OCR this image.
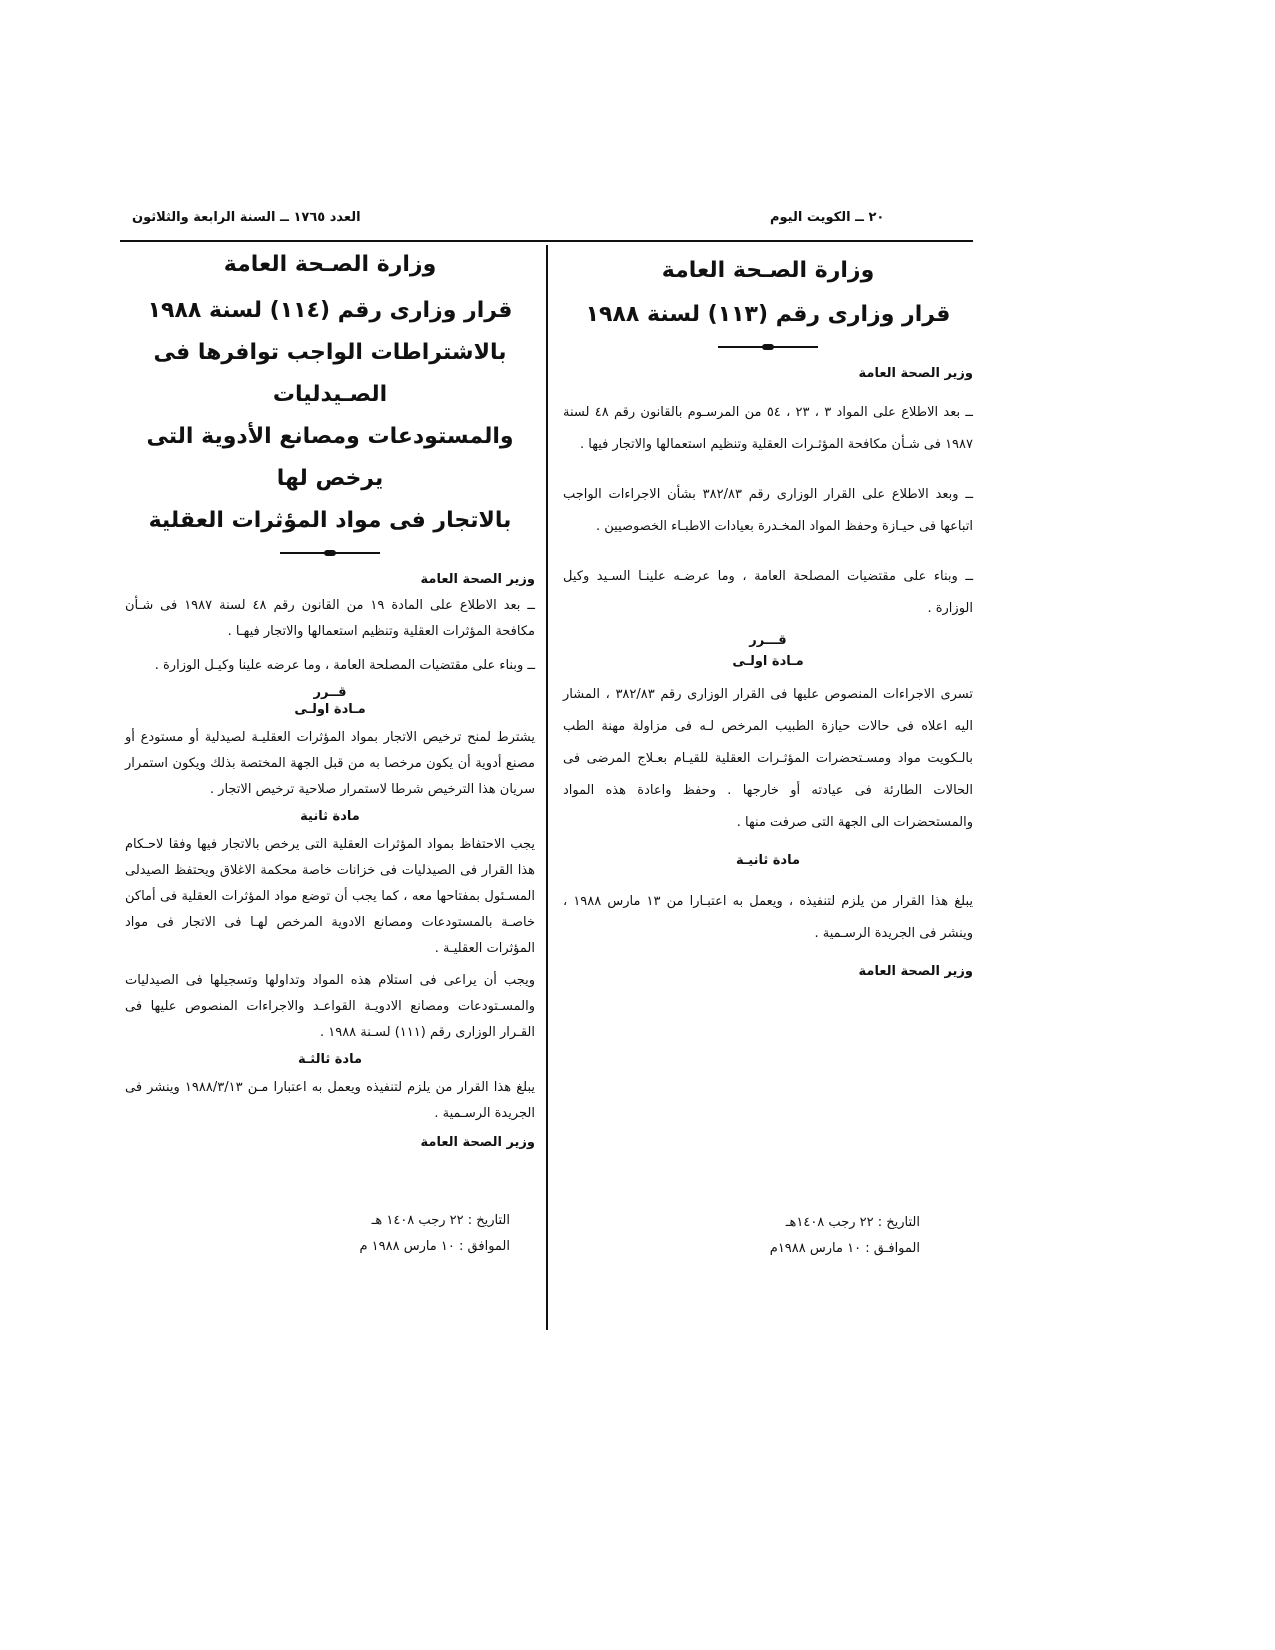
العدد ١٧٦٥ ــ السنة الرابعة والثلاثون	٢٠ ــ الكويت اليوم

وزارة الصـحة العامة

قرار وزارى رقم (١١٣) لسنة ١٩٨٨

وزير الصحة العامة

ــ بعد الاطلاع على المواد ٣ ، ٢٣ ، ٥٤ من المرسـوم بالقانون رقم ٤٨ لسنة ١٩٨٧ فى شـأن مكافحة المؤثـرات العقلية وتنظيم استعمالها والاتجار فيها .

ــ وبعد الاطلاع على القرار الوزارى رقم ٣٨٢/٨٣ بشأن الاجراءات الواجب اتباعها فى حيـازة وحفظ المواد المخـدرة بعيادات الاطبـاء الخصوصيين .

ــ وبناء على مقتضيات المصلحة العامة ، وما عرضـه علينـا السـيد وكيل الوزارة .

قـــرر
مـادة اولـى

تسرى الاجراءات المنصوص عليها فى القرار الوزارى رقم ٣٨٢/٨٣ ، المشار اليه اعلاه فى حالات حيازة الطبيب المرخص لـه فى مزاولة مهنة الطب بالـكويت مواد ومسـتحضرات المؤثـرات العقلية للقيـام بعـلاج المرضى فى الحالات الطارئة فى عيادته أو خارجها . وحفظ واعادة هذه المواد والمستحضرات الى الجهة التى صرفت منها .

مادة ثانيـة

يبلغ هذا القرار من يلزم لتنفيذه ، ويعمل به اعتبـارا من ١٣ مارس ١٩٨٨ ، وينشر فى الجريدة الرسـمية .

وزير الصحة العامة

التاريخ : ٢٢ رجب ١٤٠٨هـ

الموافـق : ١٠ مارس ١٩٨٨م

وزارة الصـحة العامة

قرار وزارى رقم (١١٤) لسنة ١٩٨٨

بالاشتراطات الواجب توافرها فى الصـيدليات

والمستودعات ومصانع الأدوية التى يرخص لها

بالاتجار فى مواد المؤثرات العقلية

وزير الصحة العامة

ــ بعد الاطلاع على المادة ١٩ من القانون رقم ٤٨ لسنة ١٩٨٧ فى شـأن مكافحة المؤثرات العقلية وتنظيم استعمالها والاتجار فيهـا .

ــ وبناء على مقتضيات المصلحة العامة ، وما عرضه علينا وكيـل الوزارة .

قــرر
مـادة اولـى

يشترط لمنح ترخيص الاتجار بمواد المؤثرات العقليـة لصيدلية أو مستودع أو مصنع أدوية أن يكون مرخصا به من قبل الجهة المختصة بذلك ويكون استمرار سريان هذا الترخيص شرطا لاستمرار صلاحية ترخيص الاتجار .

مادة ثانية

يجب الاحتفاظ بمواد المؤثرات العقلية التى يرخص بالاتجار فيها وفقا لاحـكام هذا القرار فى الصيدليات فى خزانات خاصة محكمة الاغلاق ويحتفظ الصيدلى المسـئول بمفتاحها معه ، كما يجب أن توضع مواد المؤثرات العقلية فى أماكن خاصـة بالمستودعات ومصانع الادوية المرخص لهـا فى الاتجار فى مواد المؤثرات العقليـة .

ويجب أن يراعى فى استلام هذه المواد وتداولها وتسجيلها فى الصيدليات والمسـتودعات ومصانع الادويـة القواعـد والاجراءات المنصوص عليها فى القـرار الوزارى رقم (١١١) لسـنة ١٩٨٨ .

مادة ثالثـة

يبلغ هذا القرار من يلزم لتنفيذه ويعمل به اعتبارا مـن ١٩٨٨/٣/١٣ وينشر فى الجريدة الرسـمية .

وزير الصحة العامة

التاريخ : ٢٢ رجب ١٤٠٨ هـ

الموافق : ١٠ مارس ١٩٨٨ م
